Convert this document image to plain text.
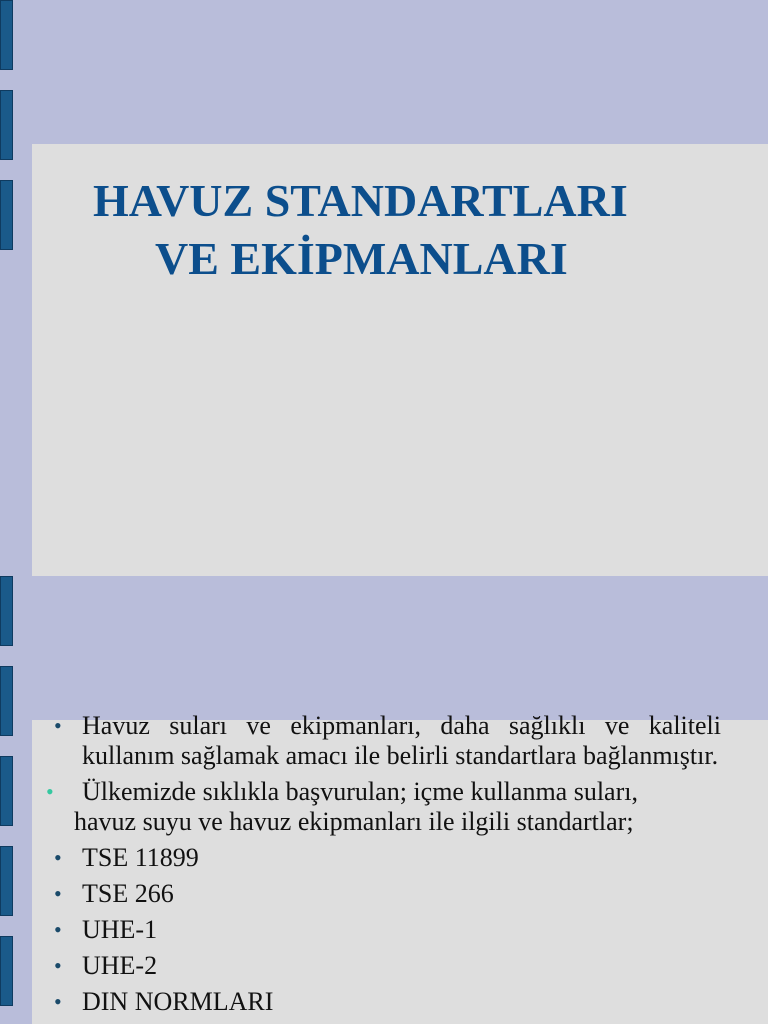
HAVUZ STANDARTLARI
VE EKİPMANLARI
• Havuz suları ve ekipmanları, daha sağlıklı ve kaliteli kullanım sağlamak amacı ile belirli standartlara bağlanmıştır.
•	Ülkemizde sıklıkla başvurulan; içme kullanma suları,
havuz suyu ve havuz ekipmanları ile ilgili standartlar;
• TSE 11899
• TSE 266
• UHE-1
• UHE-2
• DIN NORMLARI
